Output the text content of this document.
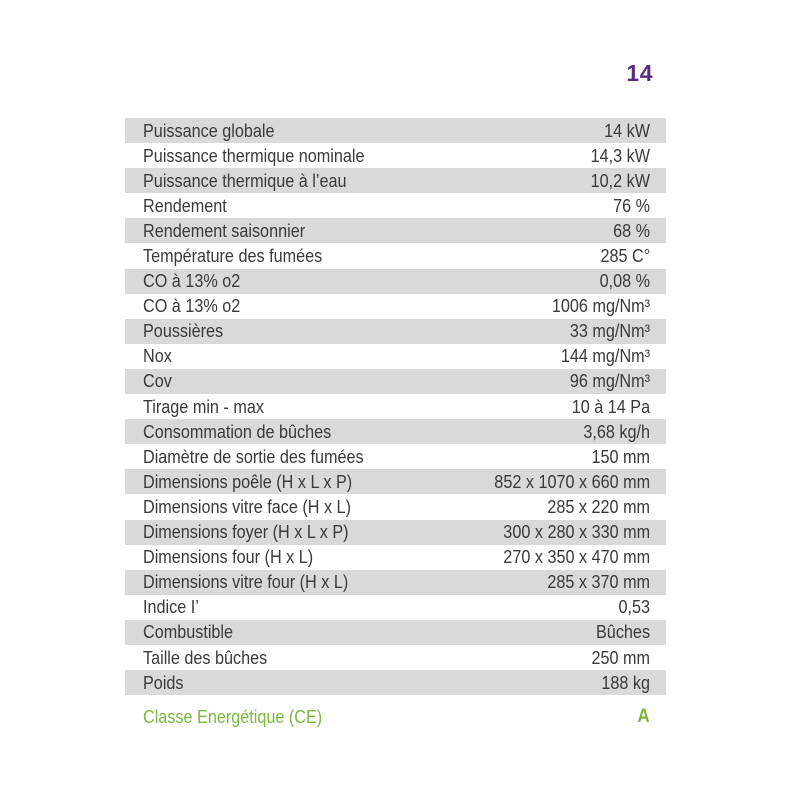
14
Puissance globale	14 kW
Puissance thermique nominale	14,3 kW
Puissance thermique à l’eau	10,2 kW
Rendement	76 %
Rendement saisonnier	68 %
Température des fumées	285 C°
CO à 13% o2	0,08 %
CO à 13% o2	1006 mg/Nm³
Poussières	33 mg/Nm³
Nox	144 mg/Nm³
Cov	96 mg/Nm³
Tirage min - max	10 à 14 Pa
Consommation de bûches	3,68 kg/h
Diamètre de sortie des fumées	150 mm
Dimensions poêle (H x L x P)	852 x 1070 x 660 mm
Dimensions vitre face (H x L)	285 x 220 mm
Dimensions foyer (H x L x P)	300 x 280 x 330 mm
Dimensions four (H x L)	270 x 350 x 470 mm
Dimensions vitre four (H x L)	285 x 370 mm
Indice I’	0,53
Combustible	Bûches
Taille des bûches	250 mm
Poids	188 kg
Classe Energétique (CE)	A
